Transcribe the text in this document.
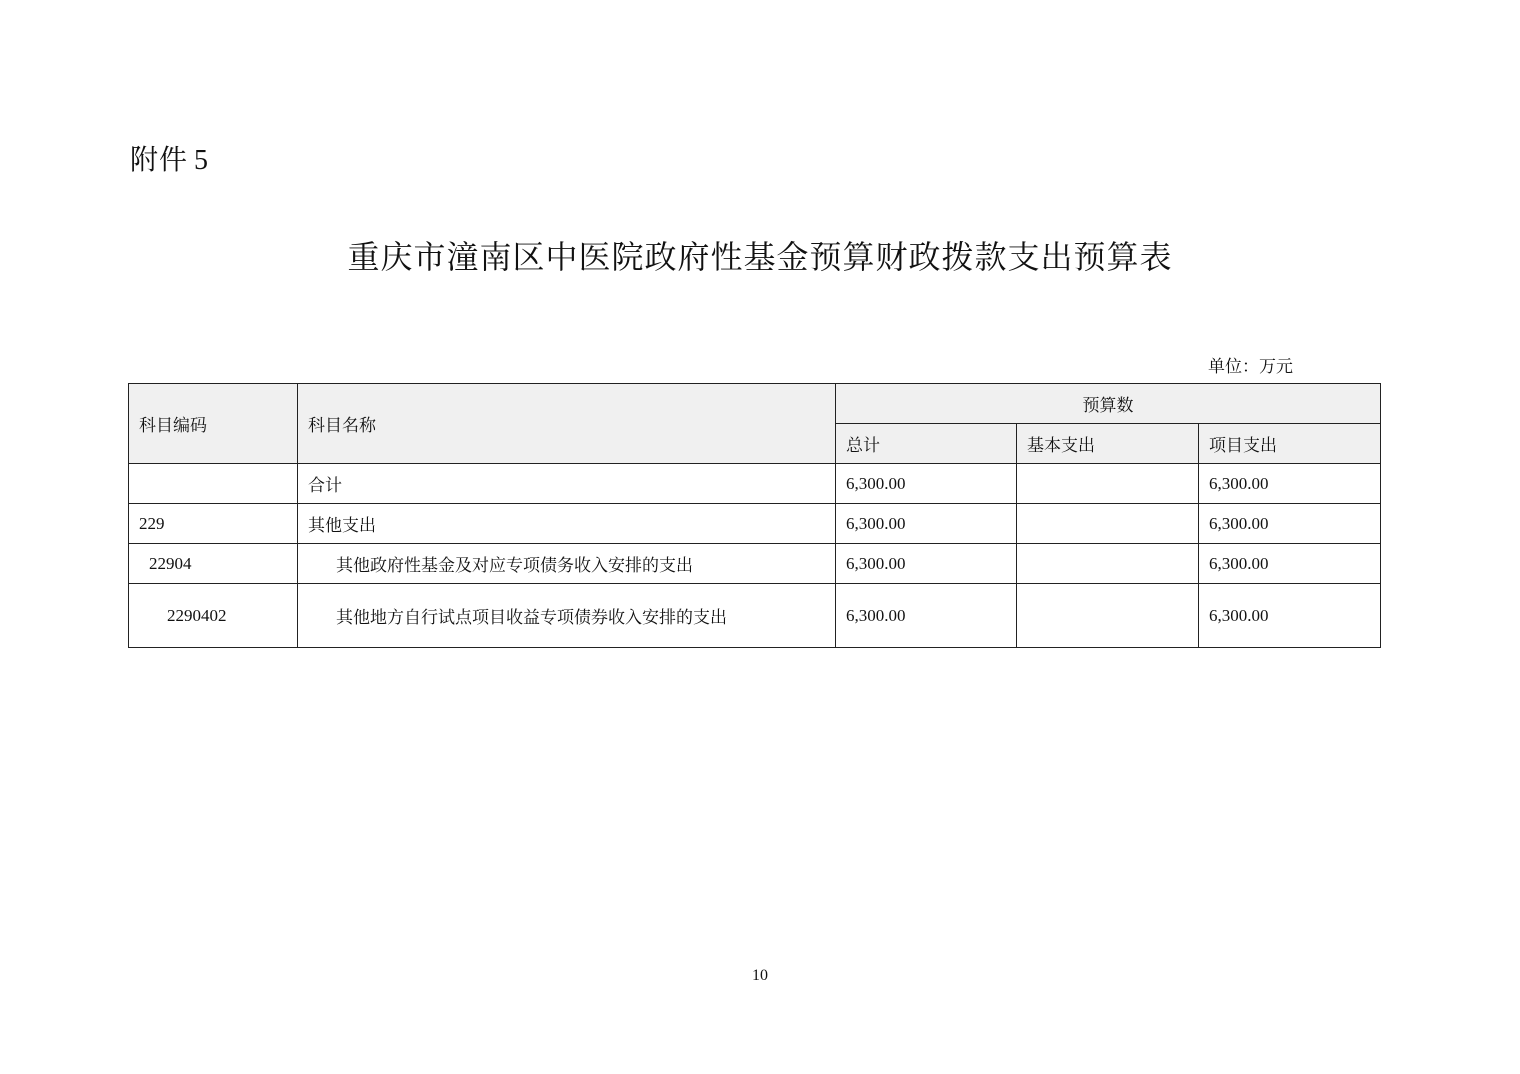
附件 5
重庆市潼南区中医院政府性基金预算财政拨款支出预算表
单位：万元
科目编码	科目名称	预算数		
		总计	基本支出	项目支出
	合计	6,300.00		6,300.00
229	其他支出	6,300.00		6,300.00
22904	其他政府性基金及对应专项债务收入安排的支出	6,300.00		6,300.00
2290402	其他地方自行试点项目收益专项债券收入安排的支出	6,300.00		6,300.00
10
